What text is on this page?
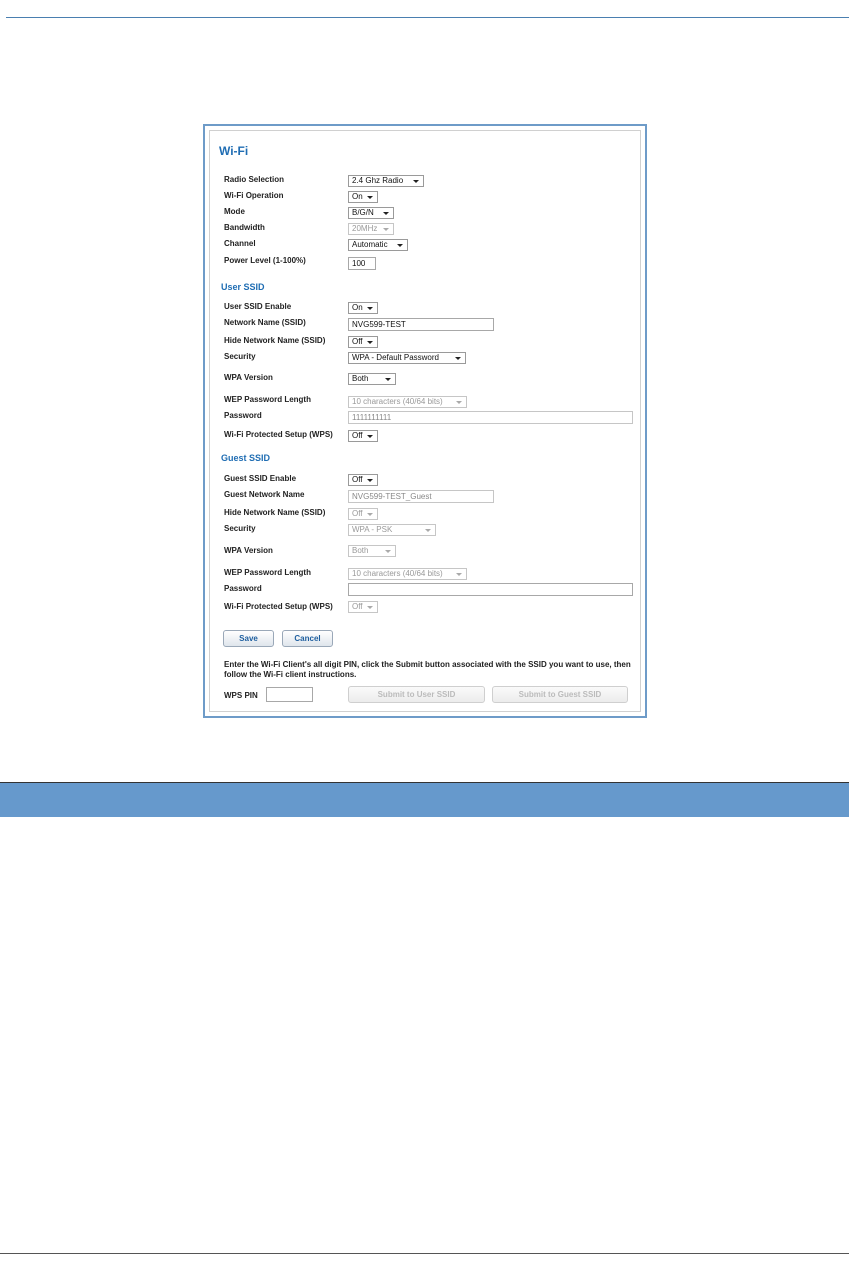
Wi-Fi
Radio Selection	2.4 Ghz Radio
Wi-Fi Operation	On
Mode	B/G/N
Bandwidth	20MHz
Channel	Automatic
Power Level (1-100%)	100
User SSID
User SSID Enable	On
Network Name (SSID)	NVG599-TEST
Hide Network Name (SSID)	Off
Security	WPA - Default Password
WPA Version	Both
WEP Password Length	10 characters (40/64 bits)
Password	1111111111
Wi-Fi Protected Setup (WPS)	Off
Guest SSID
Guest SSID Enable	Off
Guest Network Name	NVG599-TEST_Guest
Hide Network Name (SSID)	Off
Security	WPA - PSK
WPA Version	Both
WEP Password Length	10 characters (40/64 bits)
Password
Wi-Fi Protected Setup (WPS)	Off
Save	Cancel
Enter the Wi-Fi Client's all digit PIN, click the Submit button associated with the SSID you want to use, then follow the Wi-Fi client instructions.
WPS PIN	Submit to User SSID	Submit to Guest SSID
